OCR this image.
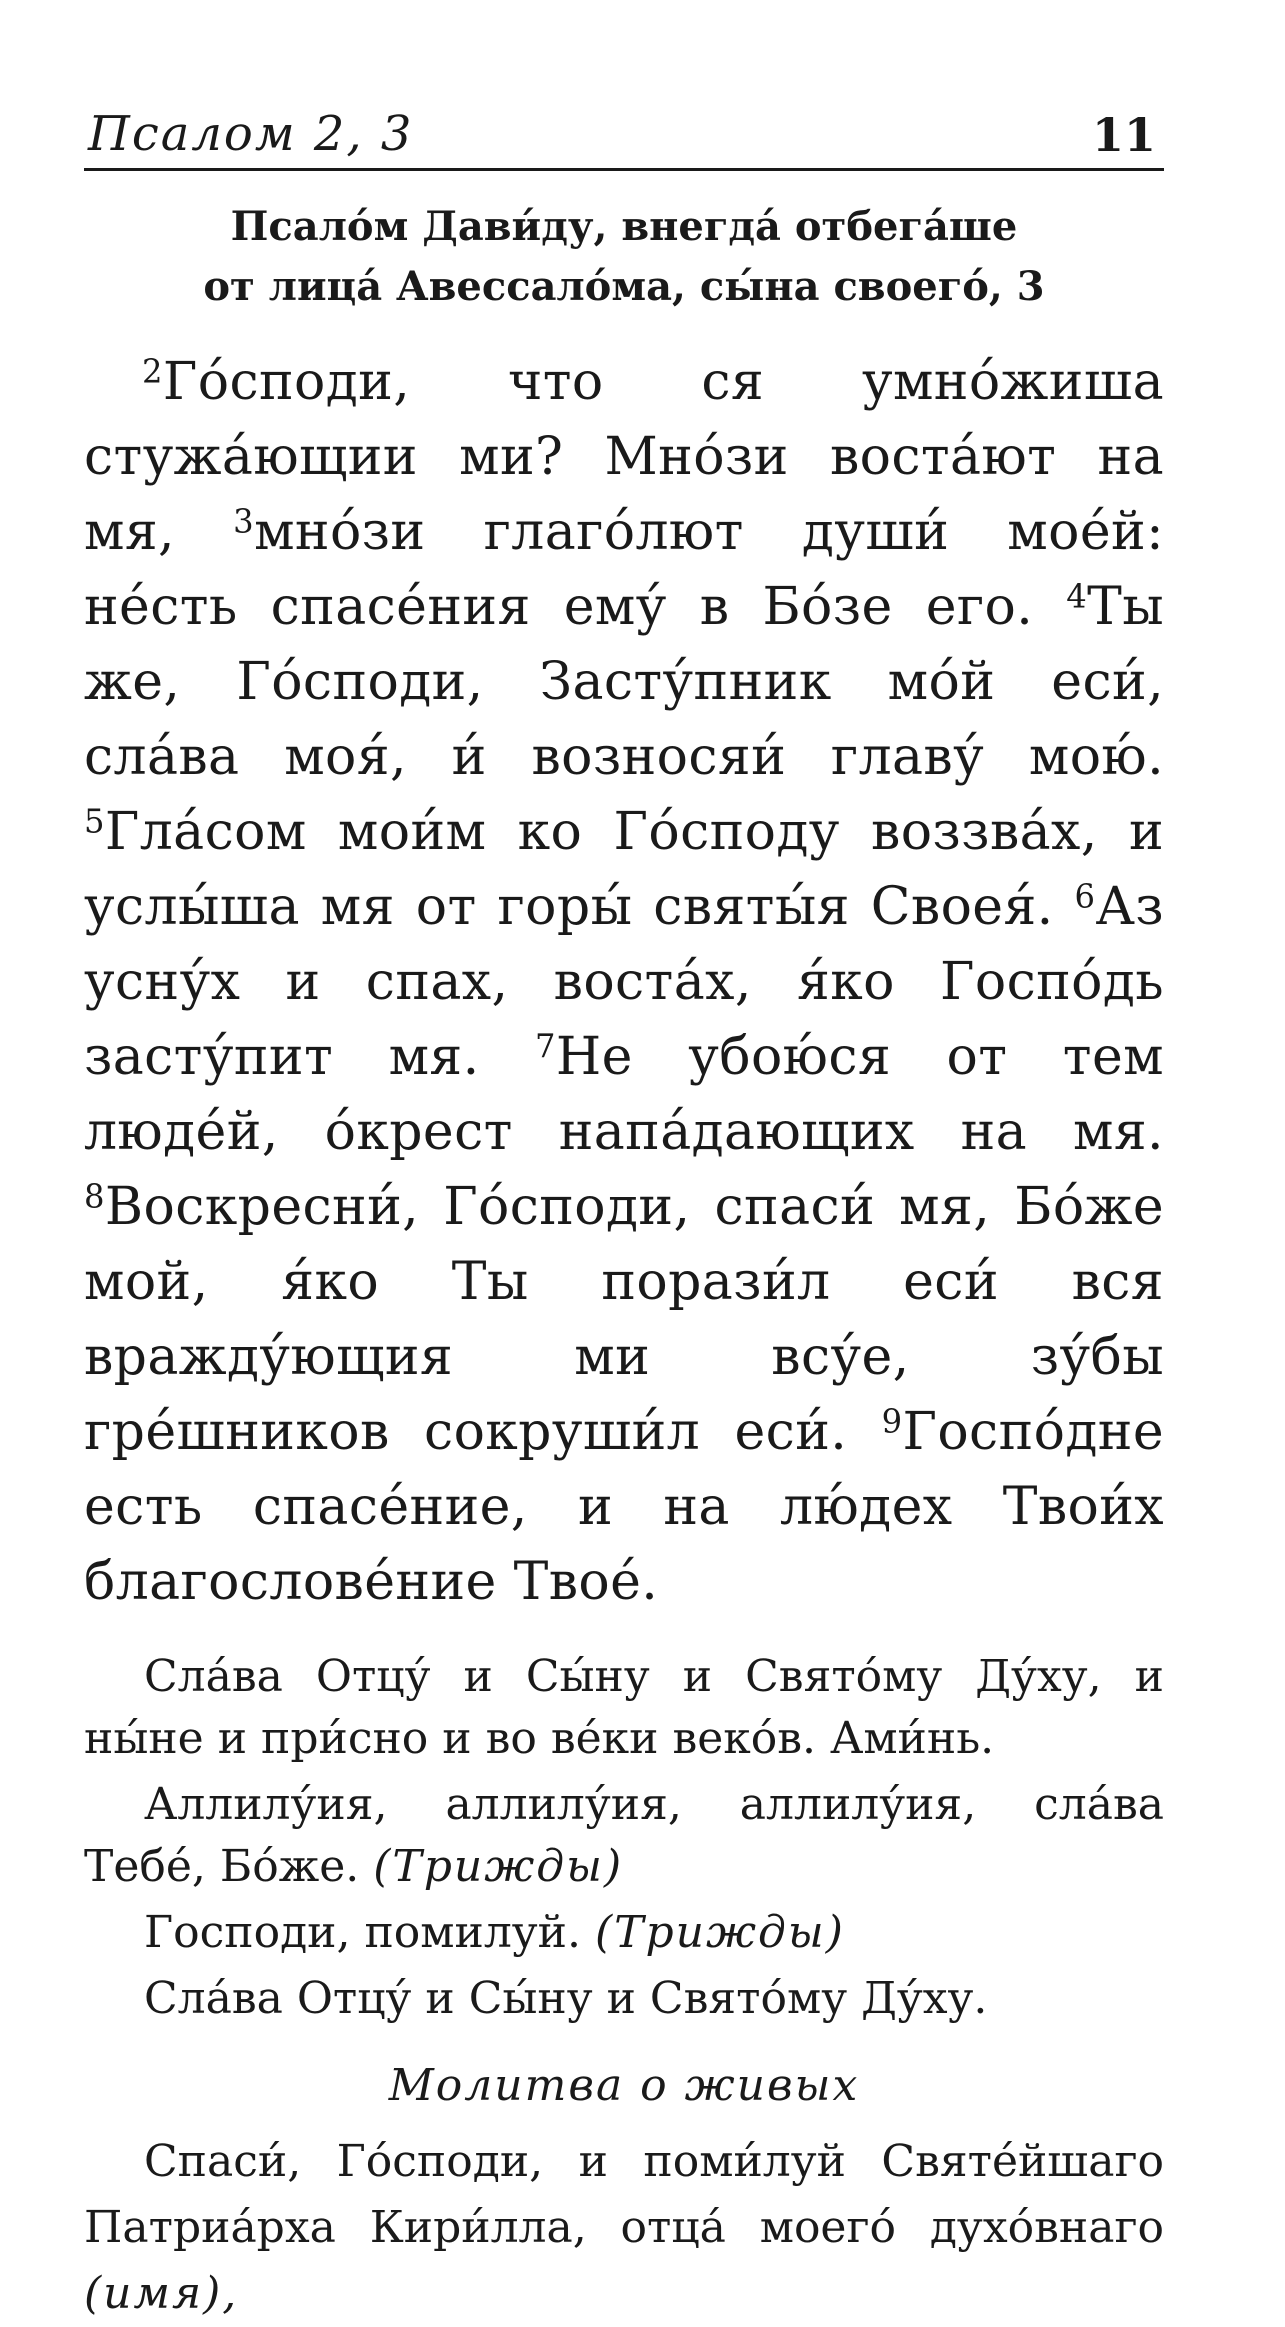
Псалом 2, 3	11
Псало́м Дави́ду, внегда́ отбега́ше
от лица́ Авессало́ма, сы́на своего́, 3
$^2$Го́споди, что ся умно́жиша стужа́ющии ми? Мно́зи воста́ют на мя, $^3$мно́зи глаго́лют души́ мое́й: не́сть спасе́ния ему́ в Бо́зе его. $^4$Ты же, Го́споди, Засту́пник мо́й еси́, сла́ва моя́, и́ возносяи́ главу́ мою́. $^5$Гла́сом мои́м ко Го́споду воззва́х, и услы́ша мя от горы́ святы́я Своея́. $^6$Аз усну́х и спах, воста́х, я́ко Госпо́дь засту́пит мя. $^7$Не убою́ся от тем люде́й, о́крест напа́дающих на мя. $^8$Воскресни́, Го́споди, спаси́ мя, Бо́же мой, я́ко Ты порази́л еси́ вся вражду́ющия ми всу́е, зу́бы гре́шников сокруши́л еси́. $^9$Госпо́дне есть спасе́ние, и на лю́дех Твои́х благослове́ние Твое́.

Сла́ва Отцу́ и Сы́ну и Свято́му Ду́ху, и ны́не и при́сно и во ве́ки веко́в. Ами́нь.

Аллилу́ия, аллилу́ия, аллилу́ия, сла́ва Тебе́, Бо́же. (Трижды)

Господи, помилуй. (Трижды)

Сла́ва Отцу́ и Сы́ну и Свято́му Ду́ху.

Молитва о живых

Спаси́, Го́споди, и поми́луй Святе́йшаго Патриа́рха Кири́лла, отца́ моего́ духо́внаго (имя),
